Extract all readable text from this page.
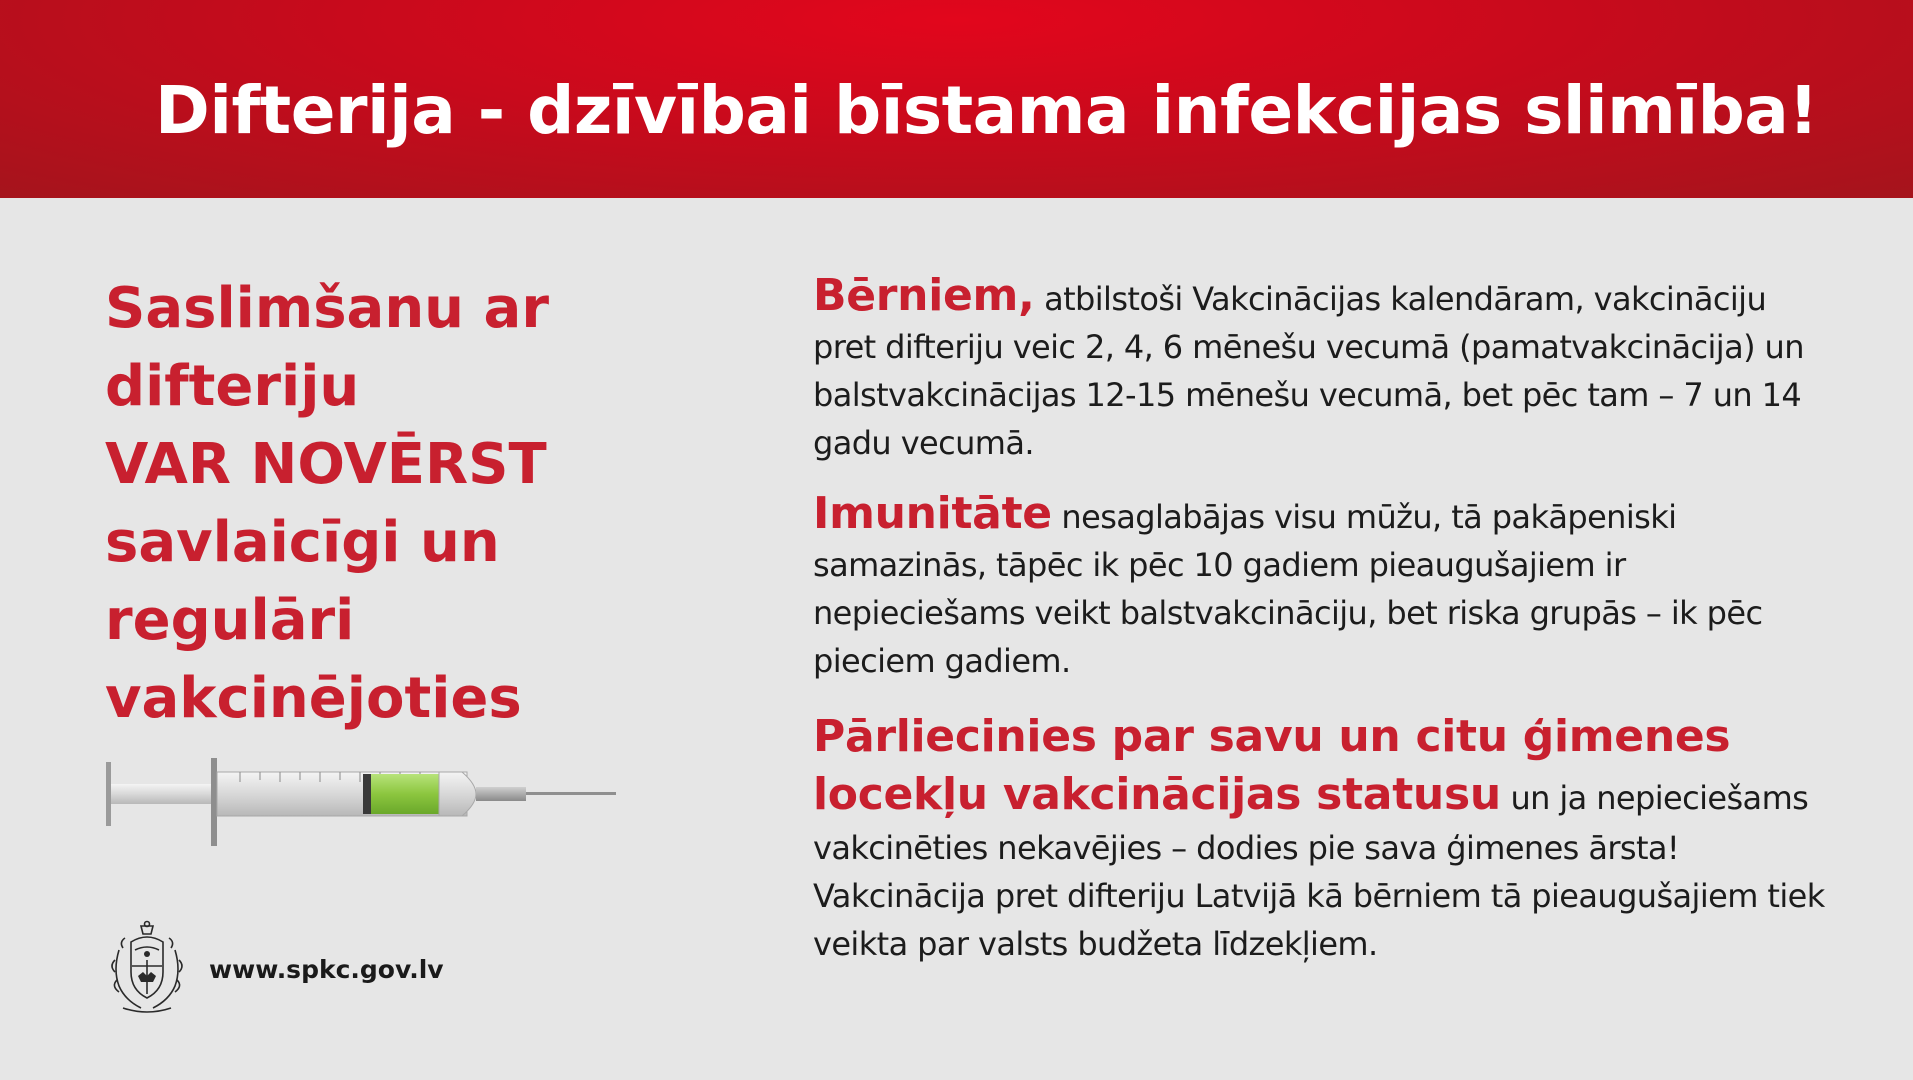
Difterija - dzīvībai bīstama infekcijas slimība!
Saslimšanu ar
difteriju
VAR NOVĒRST
savlaicīgi un
regulāri
vakcinējoties
www.spkc.gov.lv

Bērniem, atbilstoši Vakcinācijas kalendāram, vakcināciju pret difteriju veic 2, 4, 6 mēnešu vecumā (pamatvakcinācija) un balstvakcinācijas 12-15 mēnešu vecumā, bet pēc tam – 7 un 14 gadu vecumā.

Imunitāte nesaglabājas visu mūžu, tā pakāpeniski samazinās, tāpēc ik pēc 10 gadiem pieaugušajiem ir nepieciešams veikt balstvakcināciju, bet riska grupās – ik pēc pieciem gadiem.

Pārliecinies par savu un citu ģimenes locekļu vakcinācijas statusu un ja nepieciešams vakcinēties nekavējies – dodies pie sava ģimenes ārsta! Vakcinācija pret difteriju Latvijā kā bērniem tā pieaugušajiem tiek veikta par valsts budžeta līdzekļiem.
